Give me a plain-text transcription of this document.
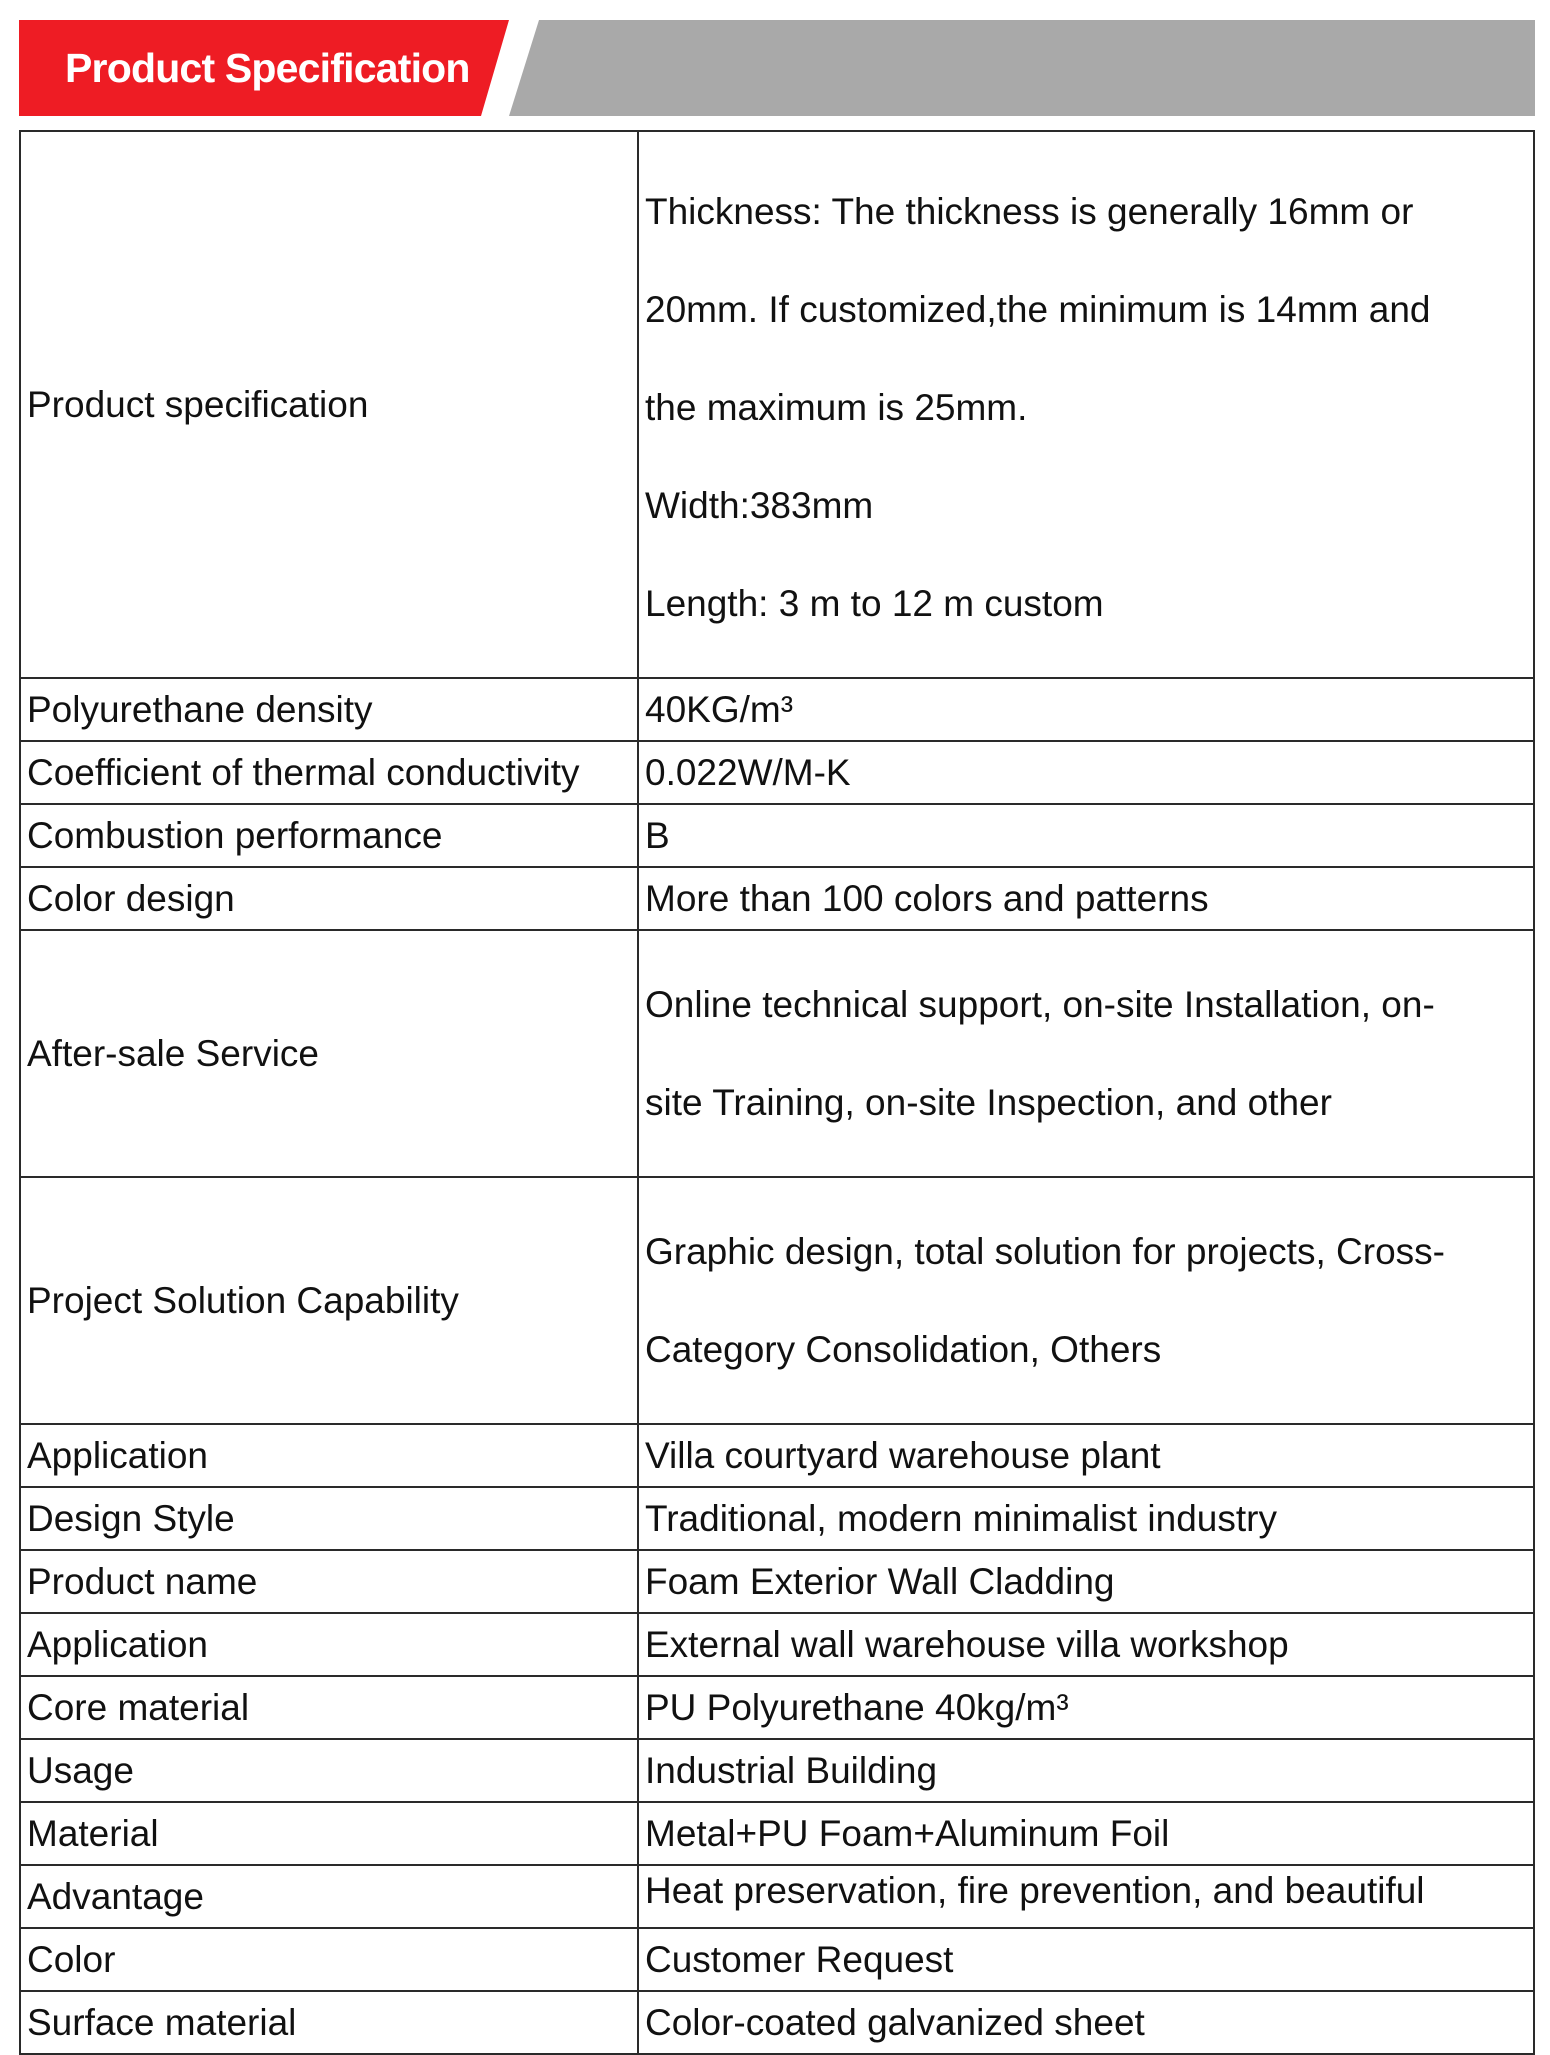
Product Specification
Product specification	Thickness: The thickness is generally 16mm or

20mm. If customized,the minimum is 14mm and

the maximum is 25mm.

Width:383mm

Length: 3 m to 12 m custom

Polyurethane density	40KG/m³
Coefficient of thermal conductivity	0.022W/M-K
Combustion performance	B
Color design	More than 100 colors and patterns
After-sale Service	Online technical support, on-site Installation, on-

site Training, on-site Inspection, and other

Project Solution Capability	Graphic design, total solution for projects, Cross-

Category Consolidation, Others

Application	Villa courtyard warehouse plant
Design Style	Traditional, modern minimalist industry
Product name	Foam Exterior Wall Cladding
Application	External wall warehouse villa workshop
Core material	PU Polyurethane 40kg/m³
Usage	Industrial Building
Material	Metal+PU Foam+Aluminum Foil
Advantage	Heat preservation, fire prevention, and beautiful
Color	Customer Request
Surface material	Color-coated galvanized sheet
